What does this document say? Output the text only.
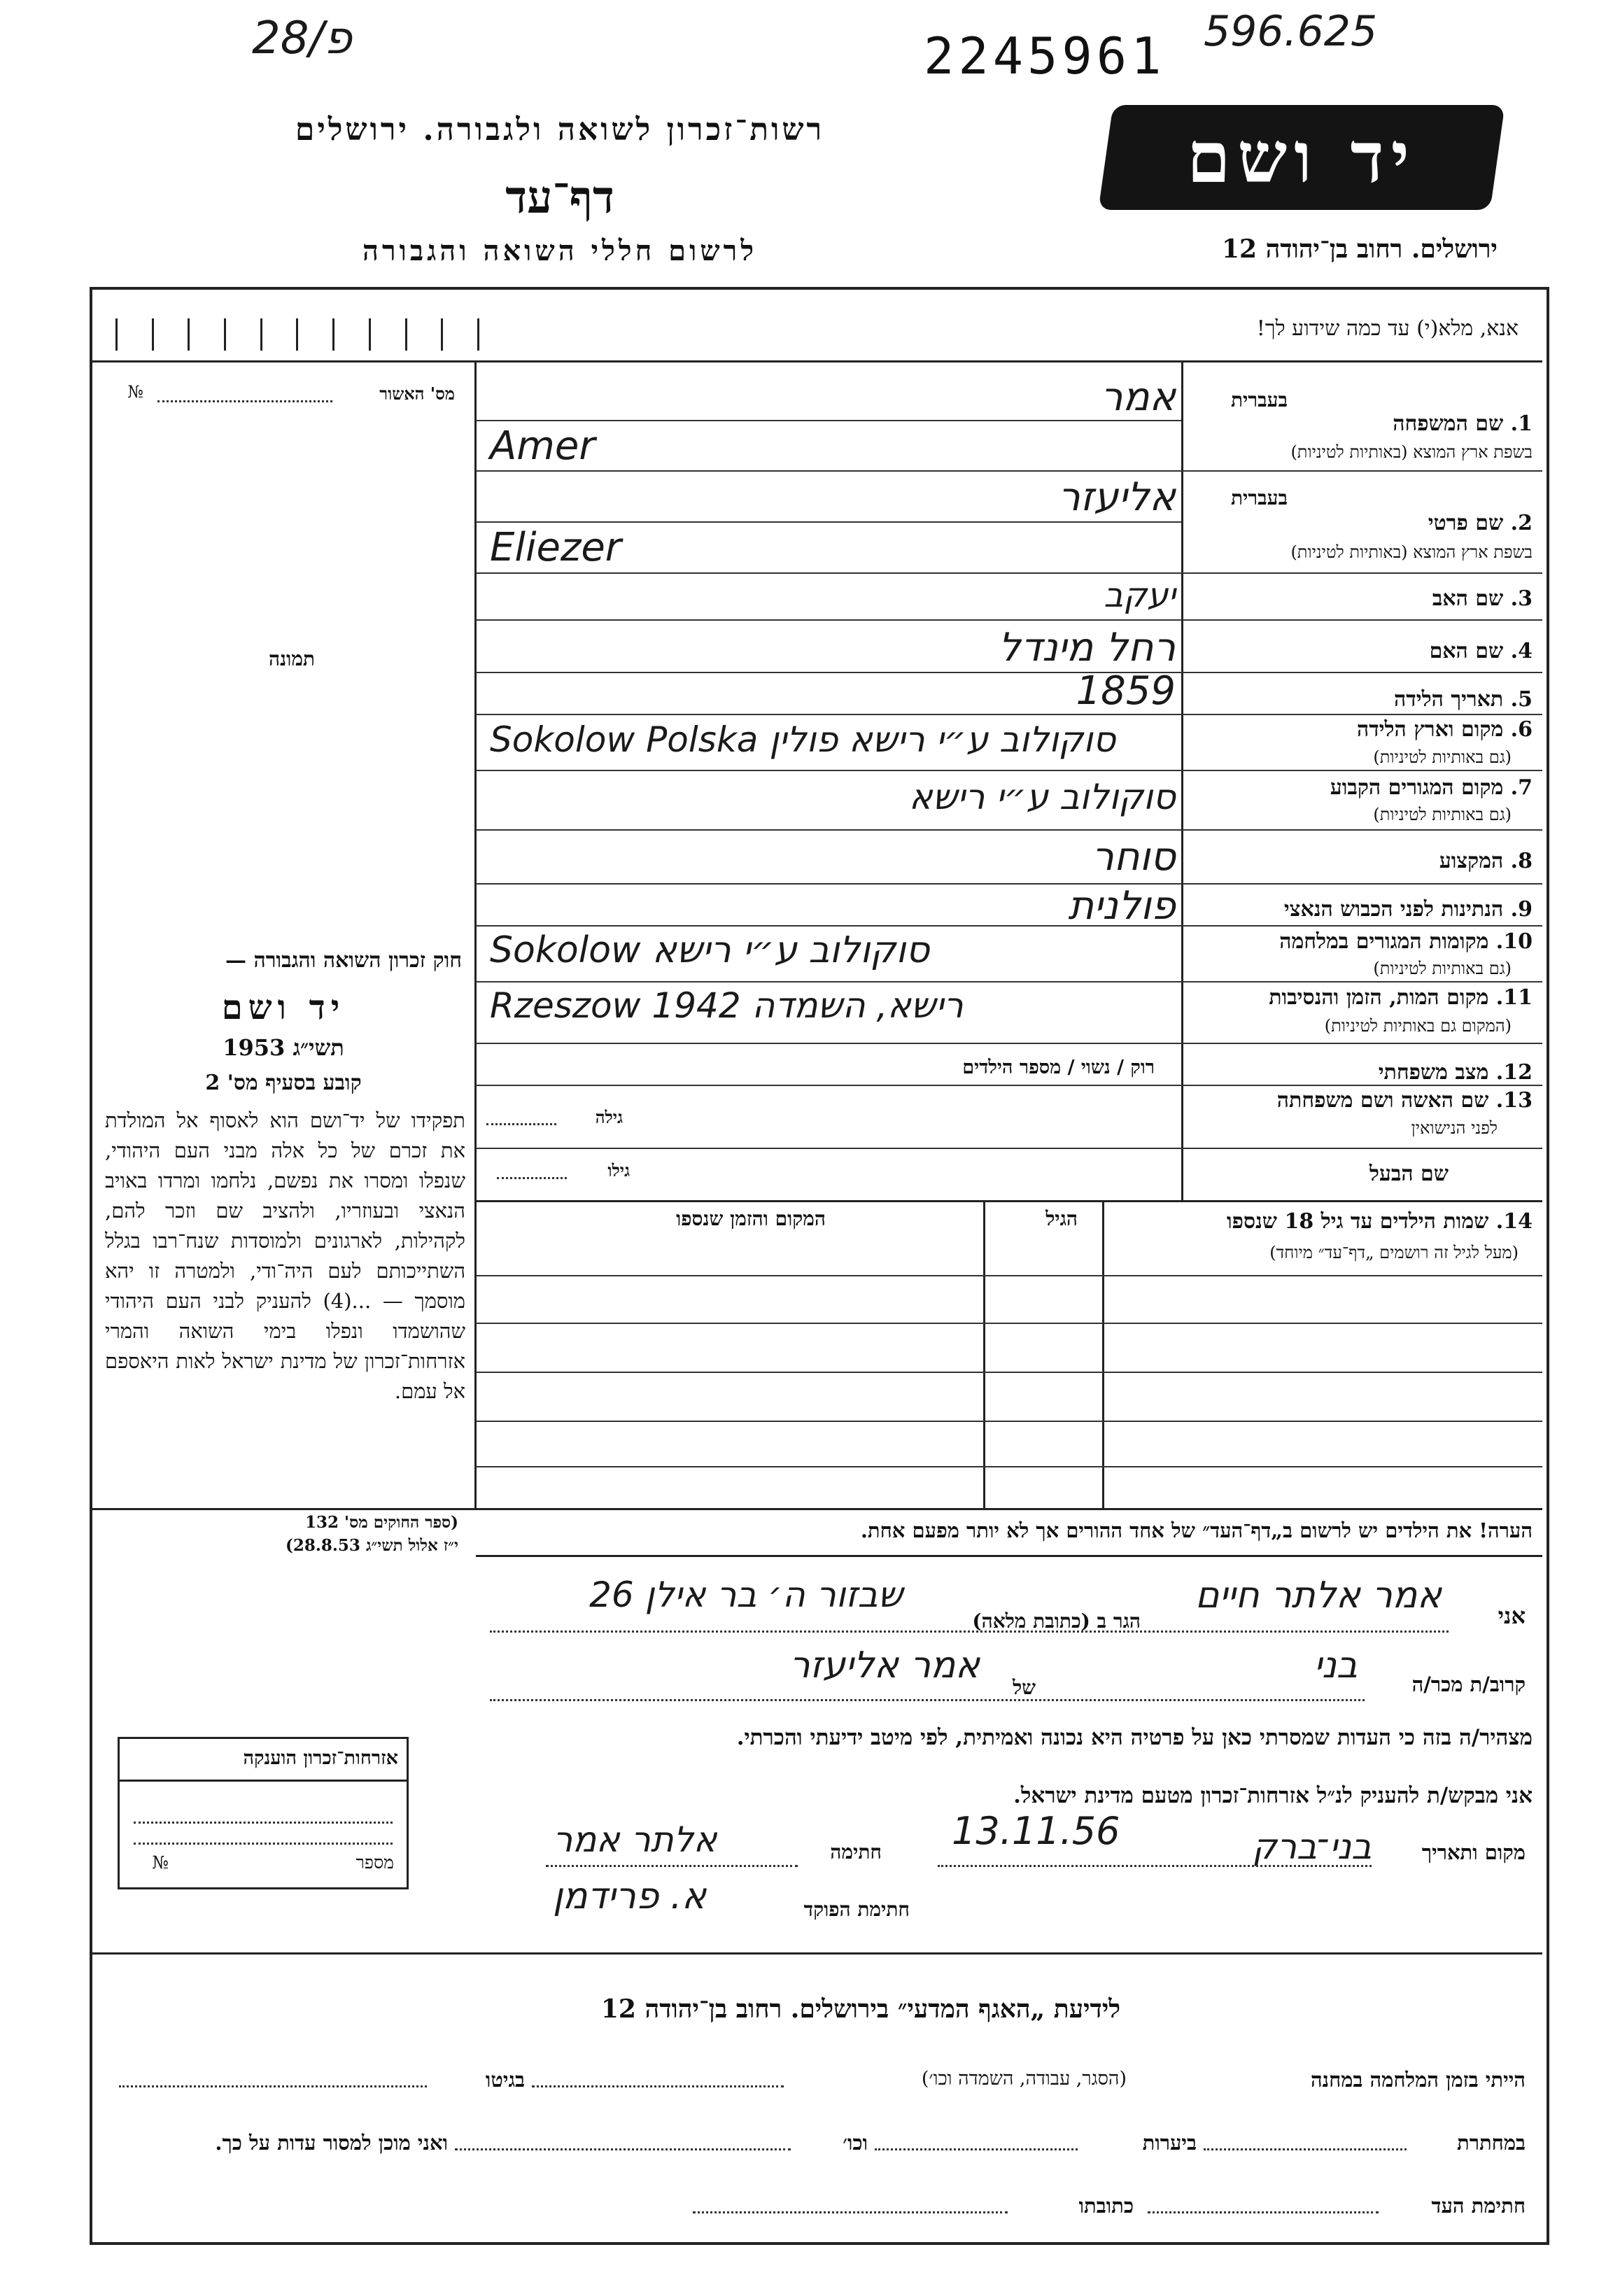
28/פ	2245961 596.625
רשות־זכרון לשואה ולגבורה. ירושלים
דף־עד
לרשום חללי השואה והגבורה
יד ושם
ירושלים. רחוב בן־יהודה 12
אנא, מלא(י) עד כמה שידוע לך!
מס' האשור
№
תמונה
חוק זכרון השואה והגבורה —
יד ושם
תשי״ג 1953
קובע בסעיף מס' 2
תפקידו של יד־ושם הוא לאסוף אל המולדת את זכרם של כל אלה מבני העם היהודי, שנפלו ומסרו את נפשם, נלחמו ומרדו באויב הנאצי ובעוזריו, ולהציב שם וזכר להם, לקהילות, לארגונים ולמוסדות שנח־רבו בגלל השתייכותם לעם היה־ודי, ולמטרה זו יהא מוסמך — ...(4) להעניק לבני העם היהודי שהושמדו ונפלו בימי השואה והמרי אזרחות־זכרון של מדינת ישראל לאות היאספם אל עמם.
(ספר החוקים מס' 132
י״ז אלול תשי״ג 28.8.53)
אזרחות־זכרון הוענקה
מספר
№
בעברית
1. שם המשפחה
בשפת ארץ המוצא (באותיות לטיניות)
בעברית
2. שם פרטי
בשפת ארץ המוצא (באותיות לטיניות)
3. שם האב
4. שם האם
5. תאריך הלידה
6. מקום וארץ הלידה
(גם באותיות לטיניות)
7. מקום המגורים הקבוע
(גם באותיות לטיניות)
8. המקצוע
9. הנתינות לפני הכבוש הנאצי
10. מקומות המגורים במלחמה
(גם באותיות לטיניות)
11. מקום המות, הזמן והנסיבות
(המקום גם באותיות לטיניות)
12. מצב משפחתי
13. שם האשה ושם משפחתה
לפני הנישואין
שם הבעל
אמר
Amer
אליעזר
Eliezer
יעקב
רחל מינדל
1859
Sokolow Polska סוקולוב ע״י רישא פולין
סוקולוב ע״י רישא
סוחר
פולנית
Sokolow סוקולוב ע״י רישא
Rzeszow רישא, השמדה 1942
רוק / נשוי / מספר הילדים
גילה
גילו
14. שמות הילדים עד גיל 18 שנספו
(מעל לגיל זה רושמים „דף־עד״ מיוחד)
הגיל
המקום והזמן שנספו
הערה! את הילדים יש לרשום ב„דף־העד״ של אחד ההורים אך לא יותר מפעם אחת.
אני
אמר אלתר חיים
הגר ב (כתובת מלאה)
שבזור ה׳ בר אילן 26
קרוב/ת מכר/ה
בני
של
אמר אליעזר
מצהיר/ה בזה כי העדות שמסרתי כאן על פרטיה היא נכונה ואמיתית, לפי מיטב ידיעתי והכרתי.
אני מבקש/ת להעניק לנ״ל אזרחות־זכרון מטעם מדינת ישראל.
מקום ותאריך
בני־ברק
13.11.56
חתימה
אלתר אמר
חתימת הפוקד
א. פרידמן
לידיעת „האגף המדעי״ בירושלים. רחוב בן־יהודה 12
הייתי בזמן המלחמה במחנה
(הסגר, עבודה, השמדה וכו׳)
בגיטו
במחתרת
ביערות
וכו׳
ואני מוכן למסור עדות על כך.
חתימת העד
כתובתו
